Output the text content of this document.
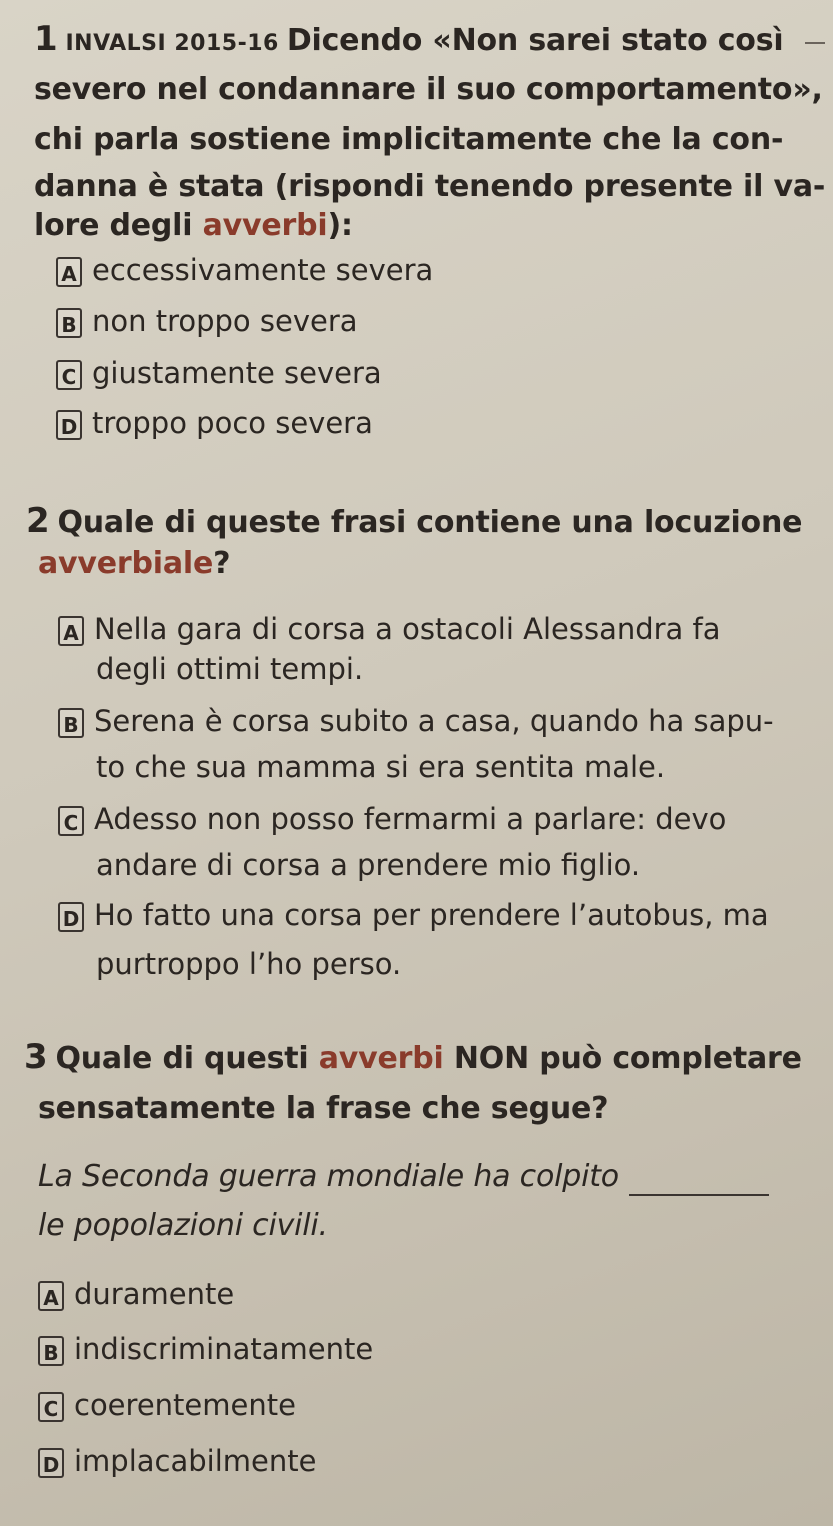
1 INVALSI 2015-16 Dicendo «Non sarei stato così
severo nel condannare il suo comportamento»,
chi parla sostiene implicitamente che la con-
danna è stata (rispondi tenendo presente il va-
lore degli avverbi):
A eccessivamente severa
B non troppo severa
C giustamente severa
D troppo poco severa
2 Quale di queste frasi contiene una locuzione
avverbiale?
A Nella gara di corsa a ostacoli Alessandra fa
degli ottimi tempi.
B Serena è corsa subito a casa, quando ha sapu-
to che sua mamma si era sentita male.
C Adesso non posso fermarmi a parlare: devo
andare di corsa a prendere mio figlio.
D Ho fatto una corsa per prendere l’autobus, ma
purtroppo l’ho perso.
3 Quale di questi avverbi NON può completare
sensatamente la frase che segue?
La Seconda guerra mondiale ha colpito
le popolazioni civili.
A duramente
B indiscriminatamente
C coerentemente
D implacabilmente
